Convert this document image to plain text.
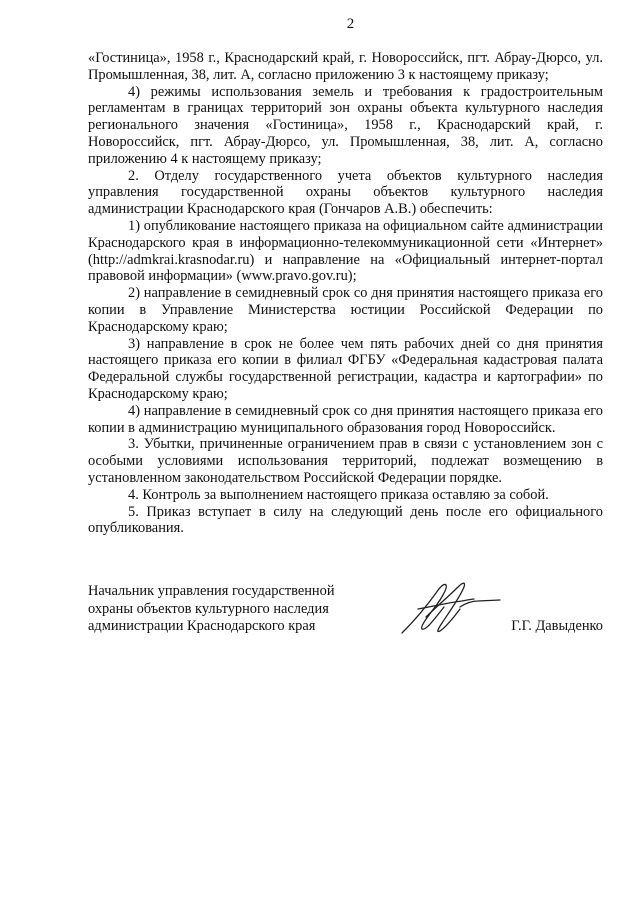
2

«Гостиница», 1958 г., Краснодарский край, г. Новороссийск, пгт. Абрау-Дюрсо, ул. Промышленная, 38, лит. А, согласно приложению 3 к настоящему приказу;

4) режимы использования земель и требования к градостроительным регламентам в границах территорий зон охраны объекта культурного наследия регионального значения «Гостиница», 1958 г., Краснодарский край, г. Новороссийск, пгт. Абрау-Дюрсо, ул. Промышленная, 38, лит. А, согласно приложению 4 к настоящему приказу;

2. Отделу государственного учета объектов культурного наследия управления государственной охраны объектов культурного наследия администрации Краснодарского края (Гончаров А.В.) обеспечить:

1) опубликование настоящего приказа на официальном сайте администрации Краснодарского края в информационно-телекоммуникационной сети «Интернет» (http://admkrai.krasnodar.ru) и направление на «Официальный интернет-портал правовой информации» (www.pravo.gov.ru);

2) направление в семидневный срок со дня принятия настоящего приказа его копии в Управление Министерства юстиции Российской Федерации по Краснодарскому краю;

3) направление в срок не более чем пять рабочих дней со дня принятия настоящего приказа его копии в филиал ФГБУ «Федеральная кадастровая палата Федеральной службы государственной регистрации, кадастра и картографии» по Краснодарскому краю;

4) направление в семидневный срок со дня принятия настоящего приказа его копии в администрацию муниципального образования город Новороссийск.

3. Убытки, причиненные ограничением прав в связи с установлением зон с особыми условиями использования территорий, подлежат возмещению в установленном законодательством Российской Федерации порядке.

4. Контроль за выполнением настоящего приказа оставляю за собой.

5. Приказ вступает в силу на следующий день после его официального опубликования.

Начальник управления государственной
охраны объектов культурного наследия
администрации Краснодарского края	Г.Г. Давыденко
